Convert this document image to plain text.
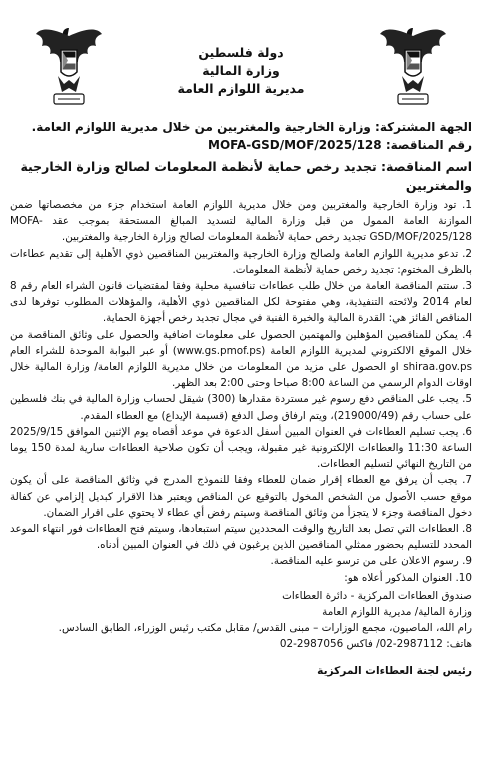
دولة فلسطين
وزارة المالية
مديرية اللوازم العامة
الجهة المشتركة: وزارة الخارجية والمغتربين من خلال مديرية اللوازم العامة.
رقم المناقصة: MOFA-GSD/MOF/2025/128
اسم المناقصة: تجديد رخص حماية لأنظمة المعلومات لصالح وزارة الخارجية والمغتربين

1. تود وزارة الخارجية والمغتربين ومن خلال مديرية اللوازم العامة استخدام جزء من مخصصاتها ضمن الموازنة العامة الممول من قبل وزارة المالية لتسديد المبالغ المستحقة بموجب عقد MOFA-GSD/MOF/2025/128 تجديد رخص حماية لأنظمة المعلومات لصالح وزارة الخارجية والمغتربين.

2. تدعو مديرية اللوازم العامة ولصالح وزارة الخارجية والمغتربين المناقصين ذوي الأهلية إلى تقديم عطاءات بالظرف المختوم: تجديد رخص حماية لأنظمة المعلومات.

3. ستتم المناقصة العامة من خلال طلب عطاءات تنافسية محلية وفقا لمقتضيات قانون الشراء العام رقم 8 لعام 2014 ولائحته التنفيذية، وهي مفتوحة لكل المناقصين ذوي الأهلية، والمؤهلات المطلوب توفرها لدى المناقص الفائز هي: القدرة المالية والخبرة الفنية في مجال تجديد رخص أجهزة الحماية.

4. يمكن للمناقصين المؤهلين والمهتمين الحصول على معلومات اضافية والحصول على وثائق المناقصة من خلال الموقع الالكتروني لمديرية اللوازم العامة (www.gs.pmof.ps) أو عبر البوابة الموحدة للشراء العام shiraa.gov.ps او الحصول على مزيد من المعلومات من خلال مديرية اللوازم العامة/ وزارة المالية خلال اوقات الدوام الرسمي من الساعة 8:00 صباحا وحتى 2:00 بعد الظهر.

5. يجب على المناقص دفع رسوم غير مستردة مقدارها (300) شيقل لحساب وزارة المالية في بنك فلسطين على حساب رقم (219000/49)، ويتم ارفاق وصل الدفع (قسيمة الإيداع) مع العطاء المقدم.

6. يجب تسليم العطاءات في العنوان المبين أسفل الدعوة في موعد أقصاه يوم الإثنين الموافق 2025/9/15 الساعة 11:30 والعطاءات الإلكترونية غير مقبولة، ويجب أن تكون صلاحية العطاءات سارية لمدة 150 يوما من التاريخ النهائي لتسليم العطاءات.

7. يجب أن يرفق مع العطاء إقرار ضمان للعطاء وفقا للنموذج المدرج في وثائق المناقصة على أن يكون موقع حسب الأصول من الشخص المخول بالتوقيع عن المناقص ويعتبر هذا الاقرار كبديل إلزامي عن كفالة دخول المناقصة وجزء لا يتجزأ من وثائق المناقصة وسيتم رفض أي عطاء لا يحتوي على اقرار الضمان.

8. العطاءات التي تصل بعد التاريخ والوقت المحددين سيتم استبعادها، وسيتم فتح العطاءات فور انتهاء الموعد المحدد للتسليم بحضور ممثلي المناقصين الذين يرغبون في ذلك في العنوان المبين أدناه.

9. رسوم الاعلان على من ترسو عليه المناقصة.

10. العنوان المذكور أعلاه هو:

صندوق العطاءات المركزية - دائرة العطاءات
وزارة المالية/ مديرية اللوازم العامة
رام الله، الماصيون، مجمع الوزارات – مبنى القدس/ مقابل مكتب رئيس الوزراء، الطابق السادس.
هاتف: 2987112-02/ فاكس 2987056-02
رئيس لجنة العطاءات المركزية
